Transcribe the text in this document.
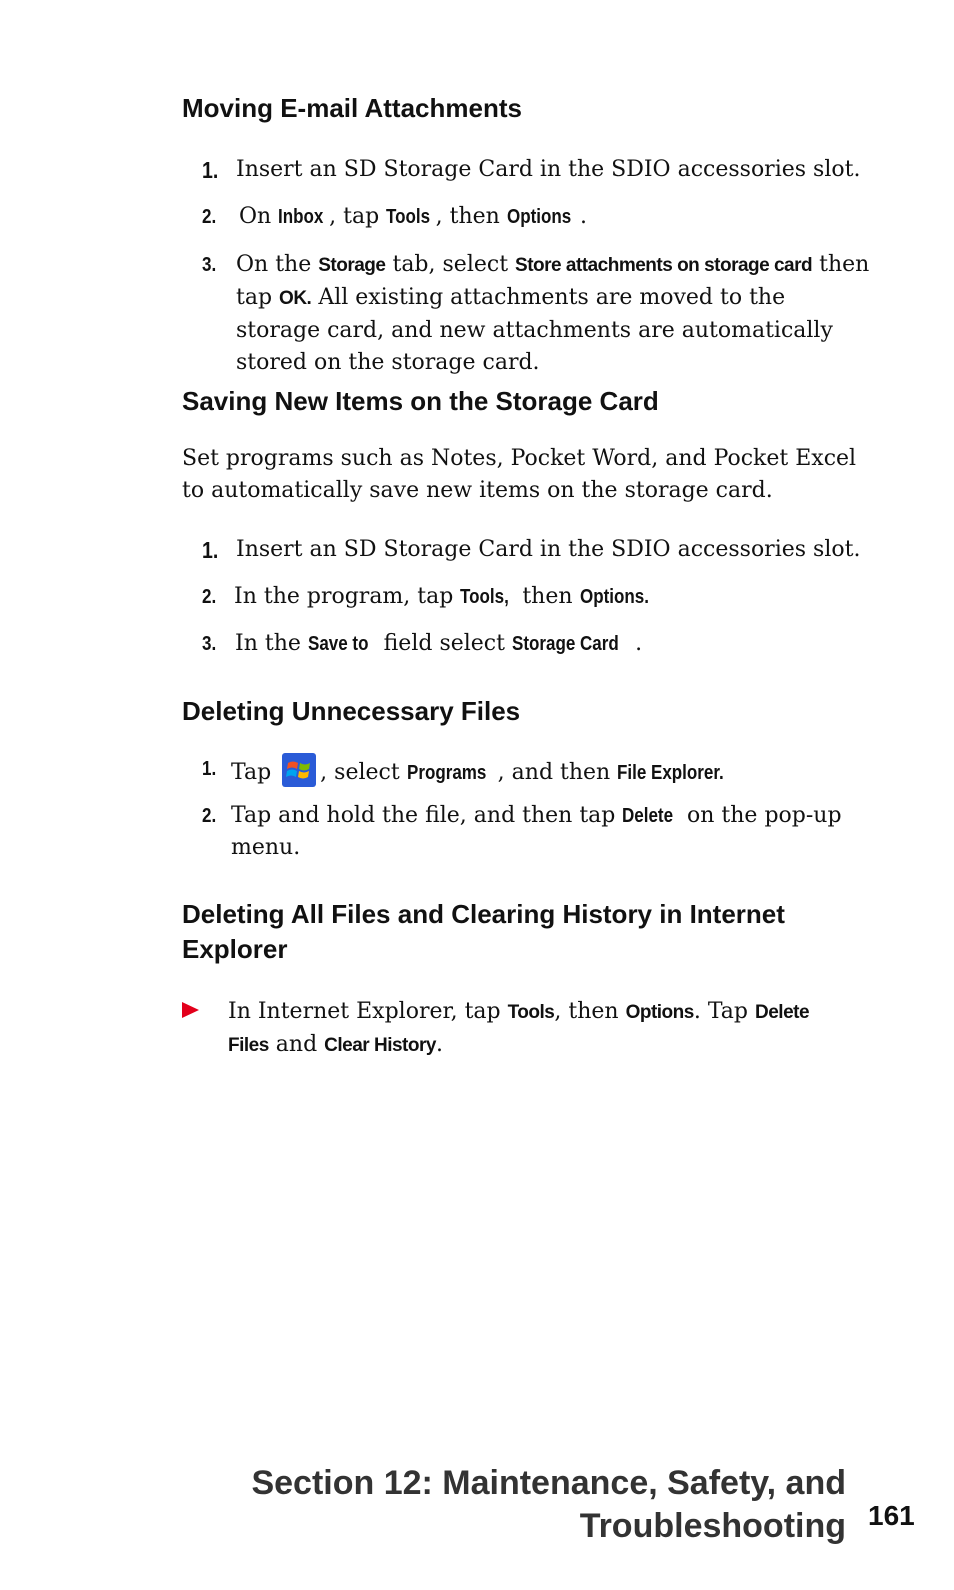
Moving E-mail Attachments
1. Insert an SD Storage Card in the SDIO accessories slot.
2. On Inbox , tap Tools , then Options .
3. On the Storage tab, select Store attachments on storage card then tap OK. All existing attachments are moved to the storage card, and new attachments are automatically stored on the storage card.
Saving New Items on the Storage Card

Set programs such as Notes, Pocket Word, and Pocket Excel to automatically save new items on the storage card.

1. Insert an SD Storage Card in the SDIO accessories slot.
2. In the program, tap Tools, then Options.
3. In the Save to field select Storage Card .
Deleting Unnecessary Files
1. Tap , select Programs , and then File Explorer.
2. Tap and hold the file, and then tap Delete on the pop-up menu.
Deleting All Files and Clearing History in Internet Explorer
In Internet Explorer, tap Tools, then Options. Tap Delete Files and Clear History.
Section 12: Maintenance, Safety, and
Troubleshooting 161
